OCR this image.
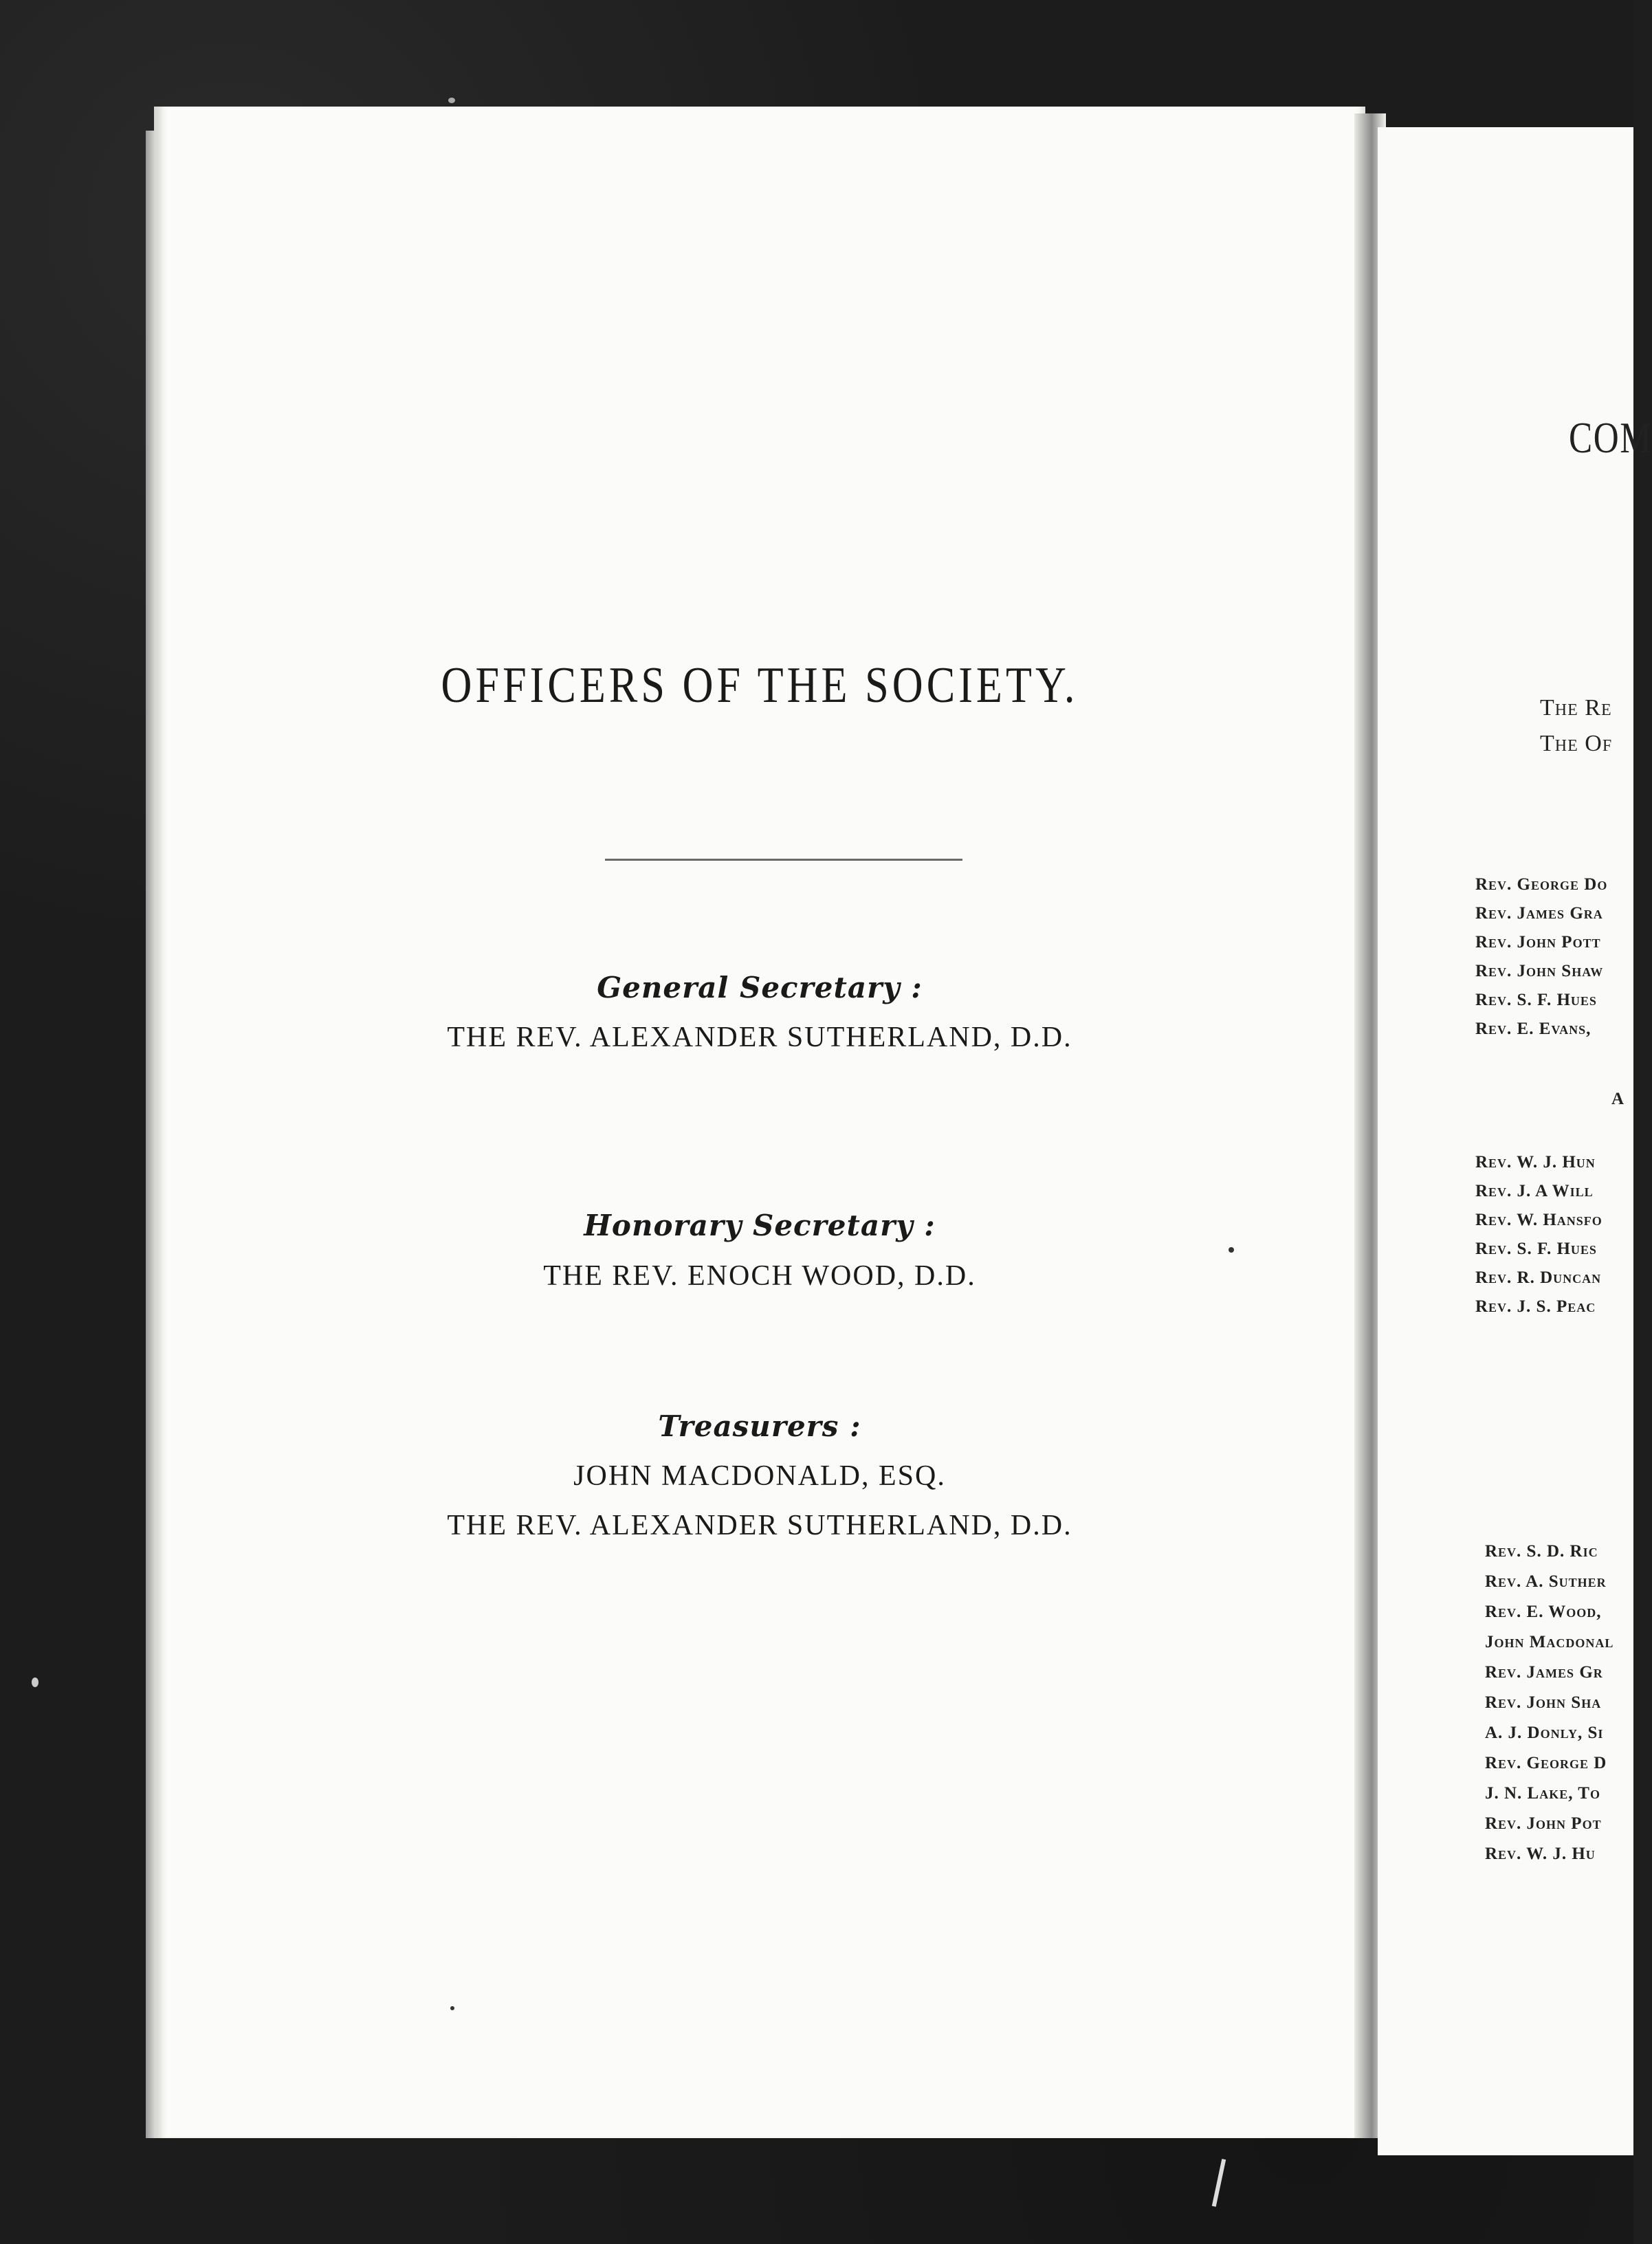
OFFICERS OF THE SOCIETY.
General Secretary :
THE REV. ALEXANDER SUTHERLAND, D.D.
Honorary Secretary :
THE REV. ENOCH WOOD, D.D.
Treasurers :
JOHN MACDONALD, ESQ.
THE REV. ALEXANDER SUTHERLAND, D.D.
COM
The Re
The Of
Rev. George Do
Rev. James Gra
Rev. John Pott
Rev. John Shaw
Rev. S. F. Hues
Rev. E. Evans,
A
Rev. W. J. Hun
Rev. J. A Will
Rev. W. Hansfo
Rev. S. F. Hues
Rev. R. Duncan
Rev. J. S. Peac
Rev. S. D. Ric
Rev. A. Suther
Rev. E. Wood,
John Macdonal
Rev. James Gr
Rev. John Sha
A. J. Donly, Si
Rev. George D
J. N. Lake, To
Rev. John Pot
Rev. W. J. Hu
